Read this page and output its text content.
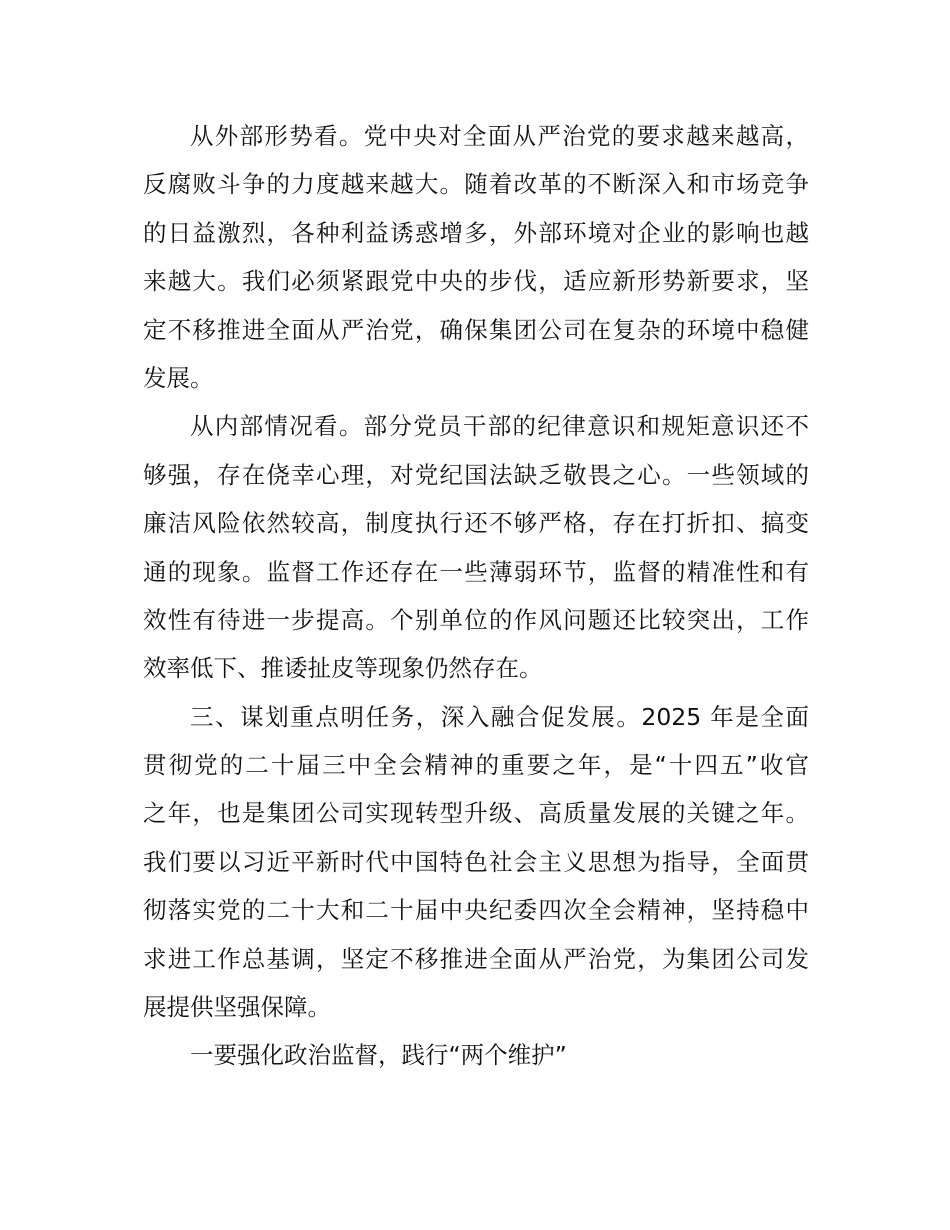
从外部形势看。党中央对全面从严治党的要求越来越高，
反腐败斗争的力度越来越大。随着改革的不断深入和市场竞争
的日益激烈，各种利益诱惑增多，外部环境对企业的影响也越
来越大。我们必须紧跟党中央的步伐，适应新形势新要求，坚
定不移推进全面从严治党，确保集团公司在复杂的环境中稳健
发展。
从内部情况看。部分党员干部的纪律意识和规矩意识还不
够强，存在侥幸心理，对党纪国法缺乏敬畏之心。一些领域的
廉洁风险依然较高，制度执行还不够严格，存在打折扣、搞变
通的现象。监督工作还存在一些薄弱环节，监督的精准性和有
效性有待进一步提高。个别单位的作风问题还比较突出，工作
效率低下、推诿扯皮等现象仍然存在。
三、谋划重点明任务，深入融合促发展。2025 年是全面
贯彻党的二十届三中全会精神的重要之年，是“十四五”收官
之年，也是集团公司实现转型升级、高质量发展的关键之年。
我们要以习近平新时代中国特色社会主义思想为指导，全面贯
彻落实党的二十大和二十届中央纪委四次全会精神，坚持稳中
求进工作总基调，坚定不移推进全面从严治党，为集团公司发
展提供坚强保障。
一要强化政治监督，践行“两个维护”
